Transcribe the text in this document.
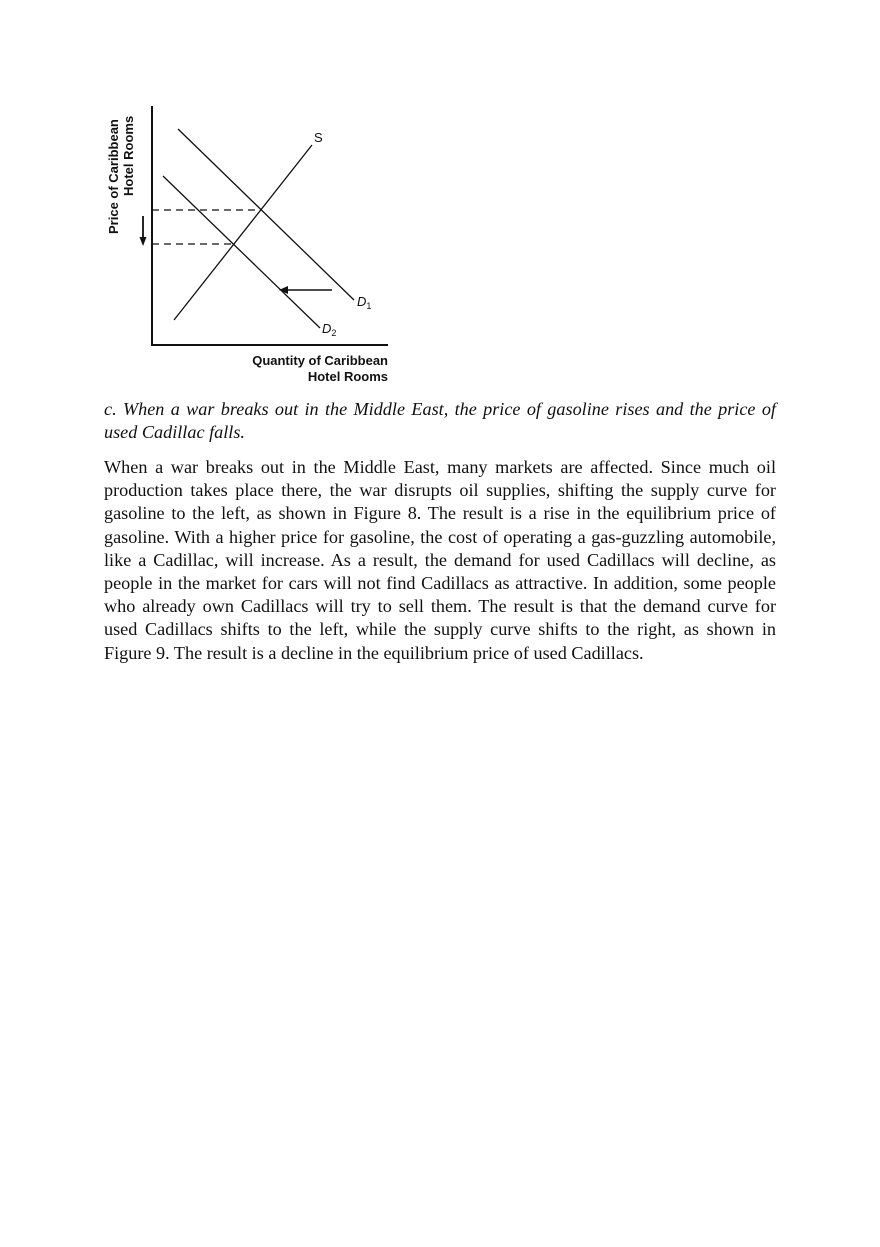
Price of Caribbean Hotel Rooms	S
D1
D2
Quantity of Caribbean
Hotel Rooms

c. When a war breaks out in the Middle East, the price of gasoline rises and the price of used Cadillac falls.

When a war breaks out in the Middle East, many markets are affected. Since much oil production takes place there, the war disrupts oil supplies, shifting the supply curve for gasoline to the left, as shown in Figure 8. The result is a rise in the equilibrium price of gasoline. With a higher price for gasoline, the cost of operating a gas-guzzling automobile, like a Cadillac, will increase. As a result, the demand for used Cadillacs will decline, as people in the market for cars will not find Cadillacs as attractive. In addition, some people who already own Cadillacs will try to sell them. The result is that the demand curve for used Cadillacs shifts to the left, while the supply curve shifts to the right, as shown in Figure 9. The result is a decline in the equilibrium price of used Cadillacs.
